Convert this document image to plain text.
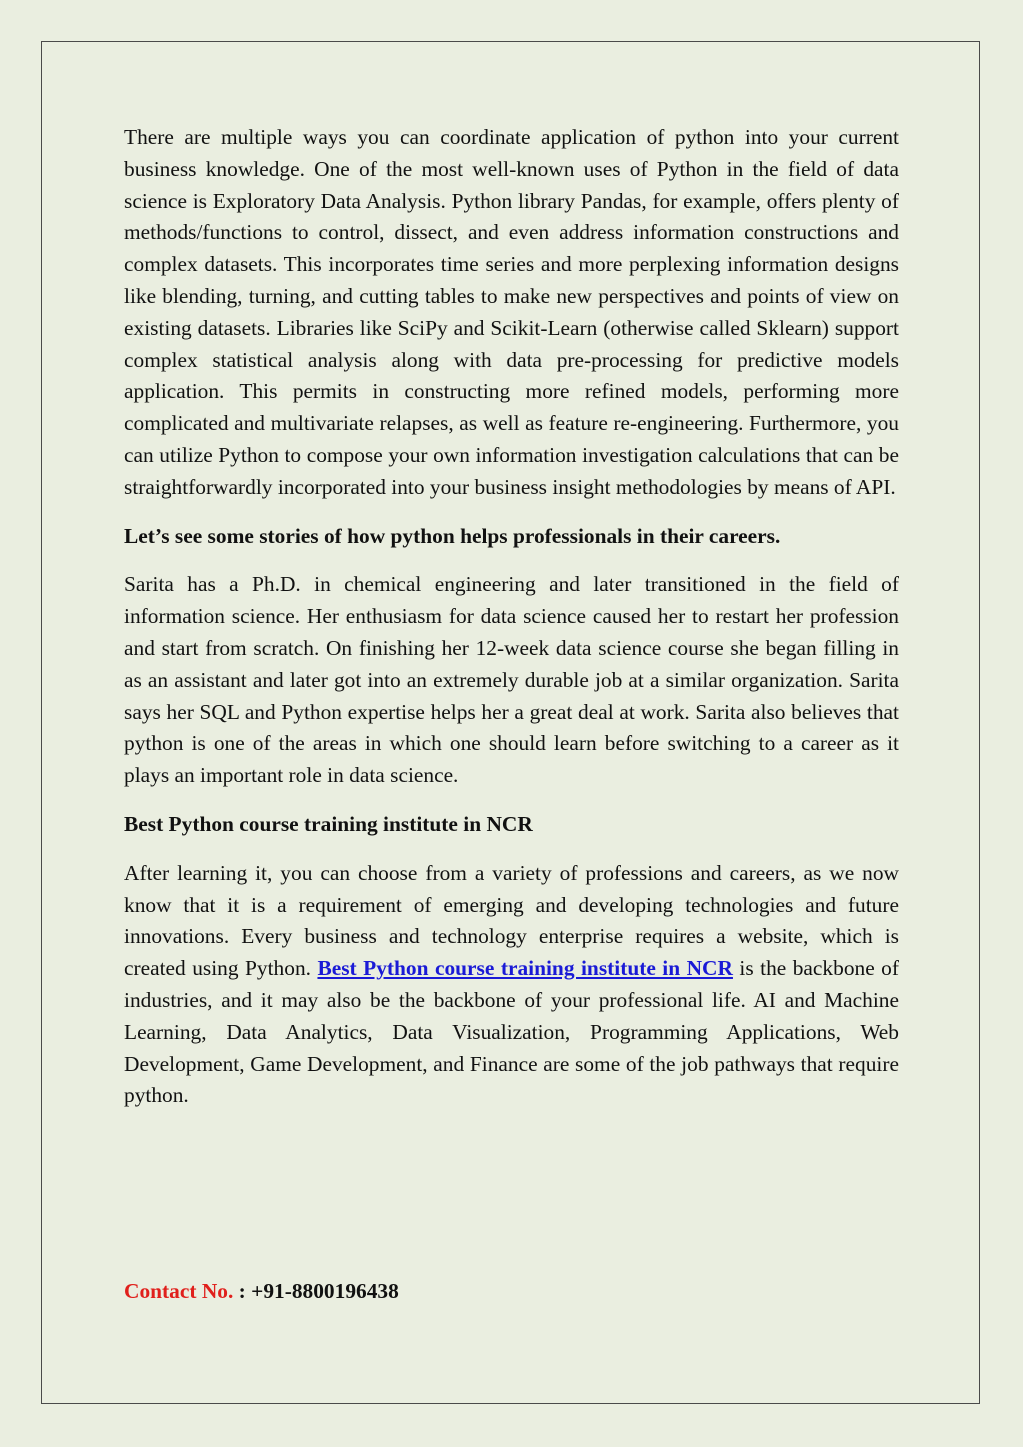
There are multiple ways you can coordinate application of python into your current business knowledge. One of the most well-known uses of Python in the field of data science is Exploratory Data Analysis. Python library Pandas, for example, offers plenty of methods/functions to control, dissect, and even address information constructions and complex datasets. This incorporates time series and more perplexing information designs like blending, turning, and cutting tables to make new perspectives and points of view on existing datasets. Libraries like SciPy and Scikit-Learn (otherwise called Sklearn) support complex statistical analysis along with data pre-processing for predictive models application. This permits in constructing more refined models, performing more complicated and multivariate relapses, as well as feature re-engineering. Furthermore, you can utilize Python to compose your own information investigation calculations that can be straightforwardly incorporated into your business insight methodologies by means of API.

Let’s see some stories of how python helps professionals in their careers.

Sarita has a Ph.D. in chemical engineering and later transitioned in the field of information science. Her enthusiasm for data science caused her to restart her profession and start from scratch. On finishing her 12-week data science course she began filling in as an assistant and later got into an extremely durable job at a similar organization. Sarita says her SQL and Python expertise helps her a great deal at work. Sarita also believes that python is one of the areas in which one should learn before switching to a career as it plays an important role in data science.

Best Python course training institute in NCR

After learning it, you can choose from a variety of professions and careers, as we now know that it is a requirement of emerging and developing technologies and future innovations. Every business and technology enterprise requires a website, which is created using Python. Best Python course training institute in NCR is the backbone of industries, and it may also be the backbone of your professional life. AI and Machine Learning, Data Analytics, Data Visualization, Programming Applications, Web Development, Game Development, and Finance are some of the job pathways that require python.

Contact No. : +91-8800196438
